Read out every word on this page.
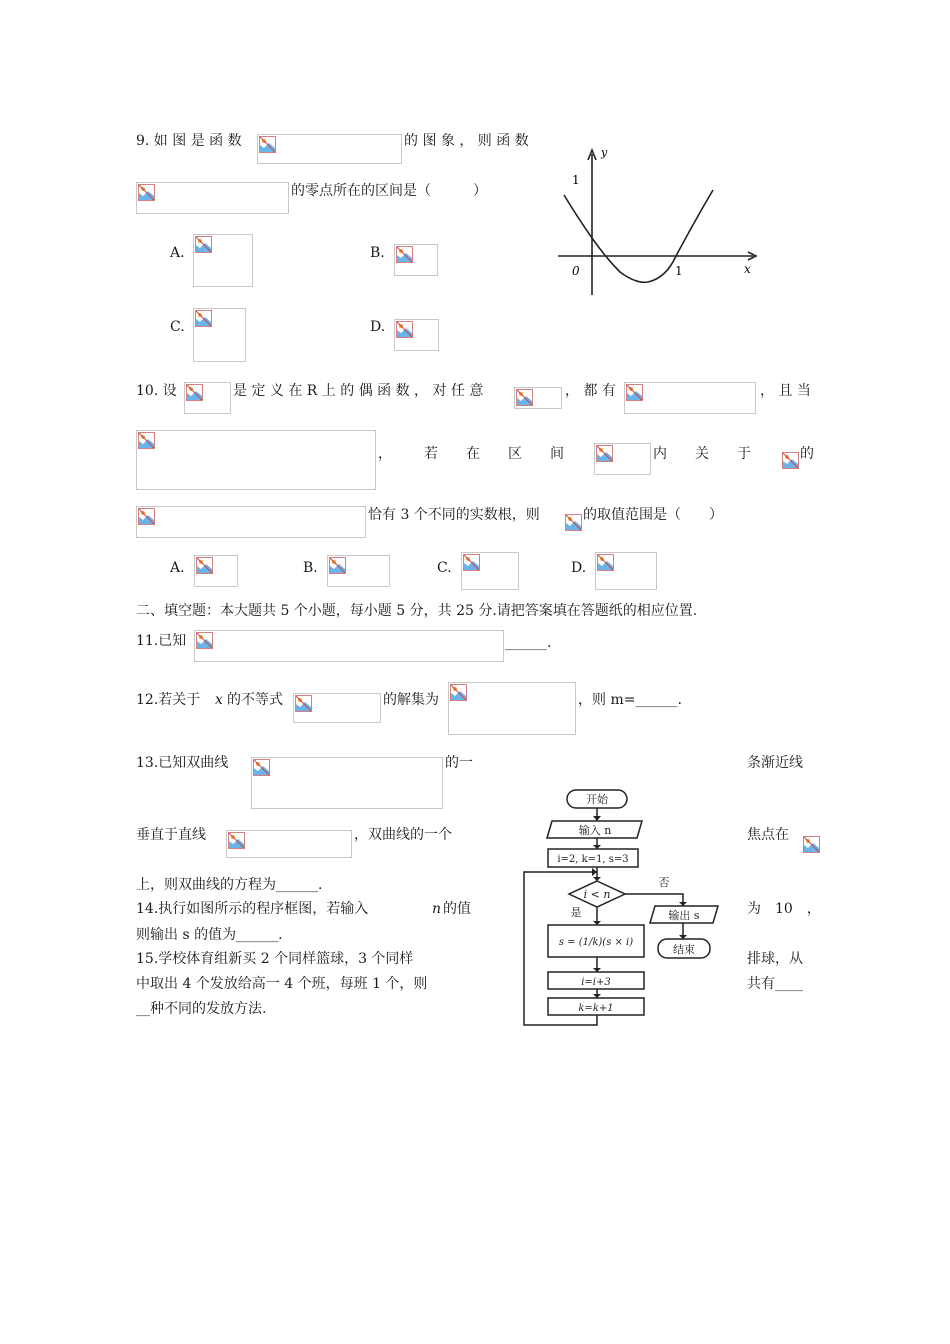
9. 如 图 是 函 数	的 图 象 ， 则 函 数
的零点所在的区间是（　　　）
A.	B.
C.	D.
y
x
0
1
1
10. 设	是 定 义 在 R 上 的 偶 函 数 ， 对 任 意	， 都 有	， 且 当
， 若　　在　　区　　间	内　　关　　于	的
恰有 3 个不同的实数根，则	的取值范围是（　　）
A.	B.	C.	D.
二、填空题：本大题共 5 个小题，每小题 5 分，共 25 分.请把答案填在答题纸的相应位置.
11.已知	______.
12.若关于 x 的不等式	的解集为	，则 m=______.
13.已知双曲线	的一	条渐近线
垂直于直线	，双曲线的一个	焦点在
上，则双曲线的方程为______.
14.执行如图所示的程序框图，若输入	n 的值	为　10　，
则输出 s 的值为______.
15.学校体育组新买 2 个同样篮球，3 个同样	排球，从
中取出 4 个发放给高一 4 个班，每班 1 个，则	共有____
__种不同的发放方法.
开始
输入 n
i=2, k=1, s=3
i < n
否
是	输出 s
结束
s = (1/k)(s × i)
i=i+3
k=k+1
